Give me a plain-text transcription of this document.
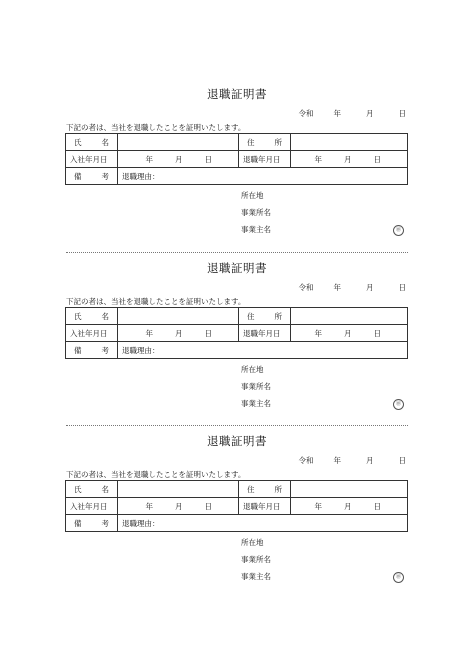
退職証明書
令和	年	月	日
下記の者は、当社を退職したことを証明いたします。
氏 名		住 所	

入社年月日	年 月 日	退職年月日	年 月 日

備 考	退職理由：		
所在地
事業所名
事業主名	㊞
退職証明書
令和	年	月	日
下記の者は、当社を退職したことを証明いたします。
氏 名		住 所	

入社年月日	年 月 日	退職年月日	年 月 日

備 考	退職理由：		
所在地
事業所名
事業主名	㊞
退職証明書
令和	年	月	日
下記の者は、当社を退職したことを証明いたします。
氏 名		住 所	

入社年月日	年 月 日	退職年月日	年 月 日

備 考	退職理由：		
所在地
事業所名
事業主名	㊞
